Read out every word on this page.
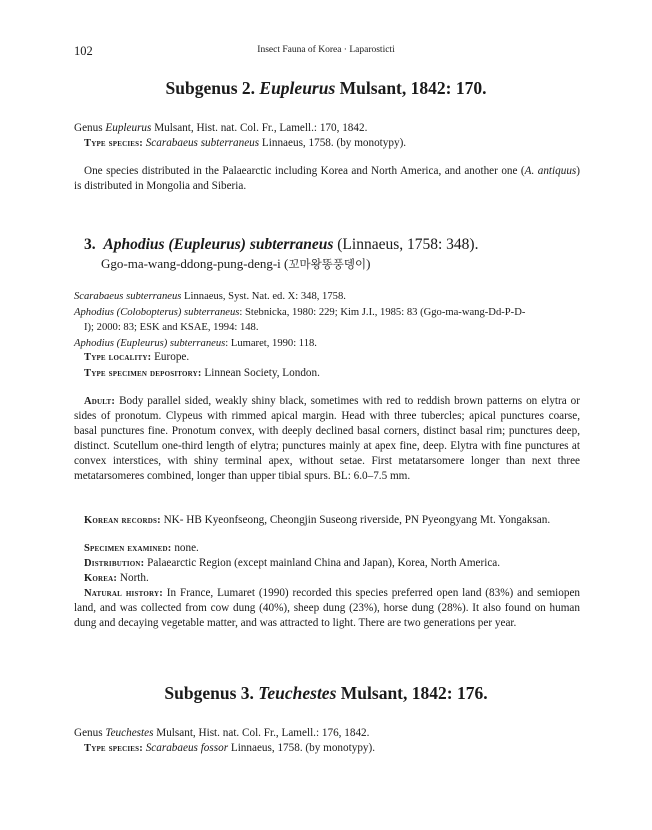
102	Insect Fauna of Korea · Laparosticti
Subgenus 2. Eupleurus Mulsant, 1842: 170.
Genus Eupleurus Mulsant, Hist. nat. Col. Fr., Lamell.: 170, 1842.
Type species: Scarabaeus subterraneus Linnaeus, 1758. (by monotypy).
One species distributed in the Palaearctic including Korea and North America, and another one (A. antiquus) is distributed in Mongolia and Siberia.
3. Aphodius (Eupleurus) subterraneus (Linnaeus, 1758: 348).
Ggo-ma-wang-ddong-pung-deng-i (꼬마왕똥풍뎅이)
Scarabaeus subterraneus Linnaeus, Syst. Nat. ed. X: 348, 1758.
Aphodius (Colobopterus) subterraneus: Stebnicka, 1980: 229; Kim J.I., 1985: 83 (Ggo-ma-wang-Dd-P-D-
I); 2000: 83; ESK and KSAE, 1994: 148.
Aphodius (Eupleurus) subterraneus: Lumaret, 1990: 118.
Type locality: Europe.
Type specimen depository: Linnean Society, London.
Adult: Body parallel sided, weakly shiny black, sometimes with red to reddish brown patterns on elytra or sides of pronotum. Clypeus with rimmed apical margin. Head with three tubercles; apical punctures coarse, basal punctures fine. Pronotum convex, with deeply declined basal corners, distinct basal rim; punctures deep, distinct. Scutellum one-third length of elytra; punctures mainly at apex fine, deep. Elytra with fine punctures at convex interstices, with shiny terminal apex, without setae. First metatarsomere longer than next three metatarsomeres combined, longer than upper tibial spurs. BL: 6.0–7.5 mm.
Korean records: NK- HB Kyeonfseong, Cheongjin Suseong riverside, PN Pyeongyang Mt. Yongaksan.
Specimen examined: none.
Distribution: Palaearctic Region (except mainland China and Japan), Korea, North America.
Korea: North.
Natural history: In France, Lumaret (1990) recorded this species preferred open land (83%) and semiopen land, and was collected from cow dung (40%), sheep dung (23%), horse dung (28%). It also found on human dung and decaying vegetable matter, and was attracted to light. There are two generations per year.
Subgenus 3. Teuchestes Mulsant, 1842: 176.
Genus Teuchestes Mulsant, Hist. nat. Col. Fr., Lamell.: 176, 1842.
Type species: Scarabaeus fossor Linnaeus, 1758. (by monotypy).
